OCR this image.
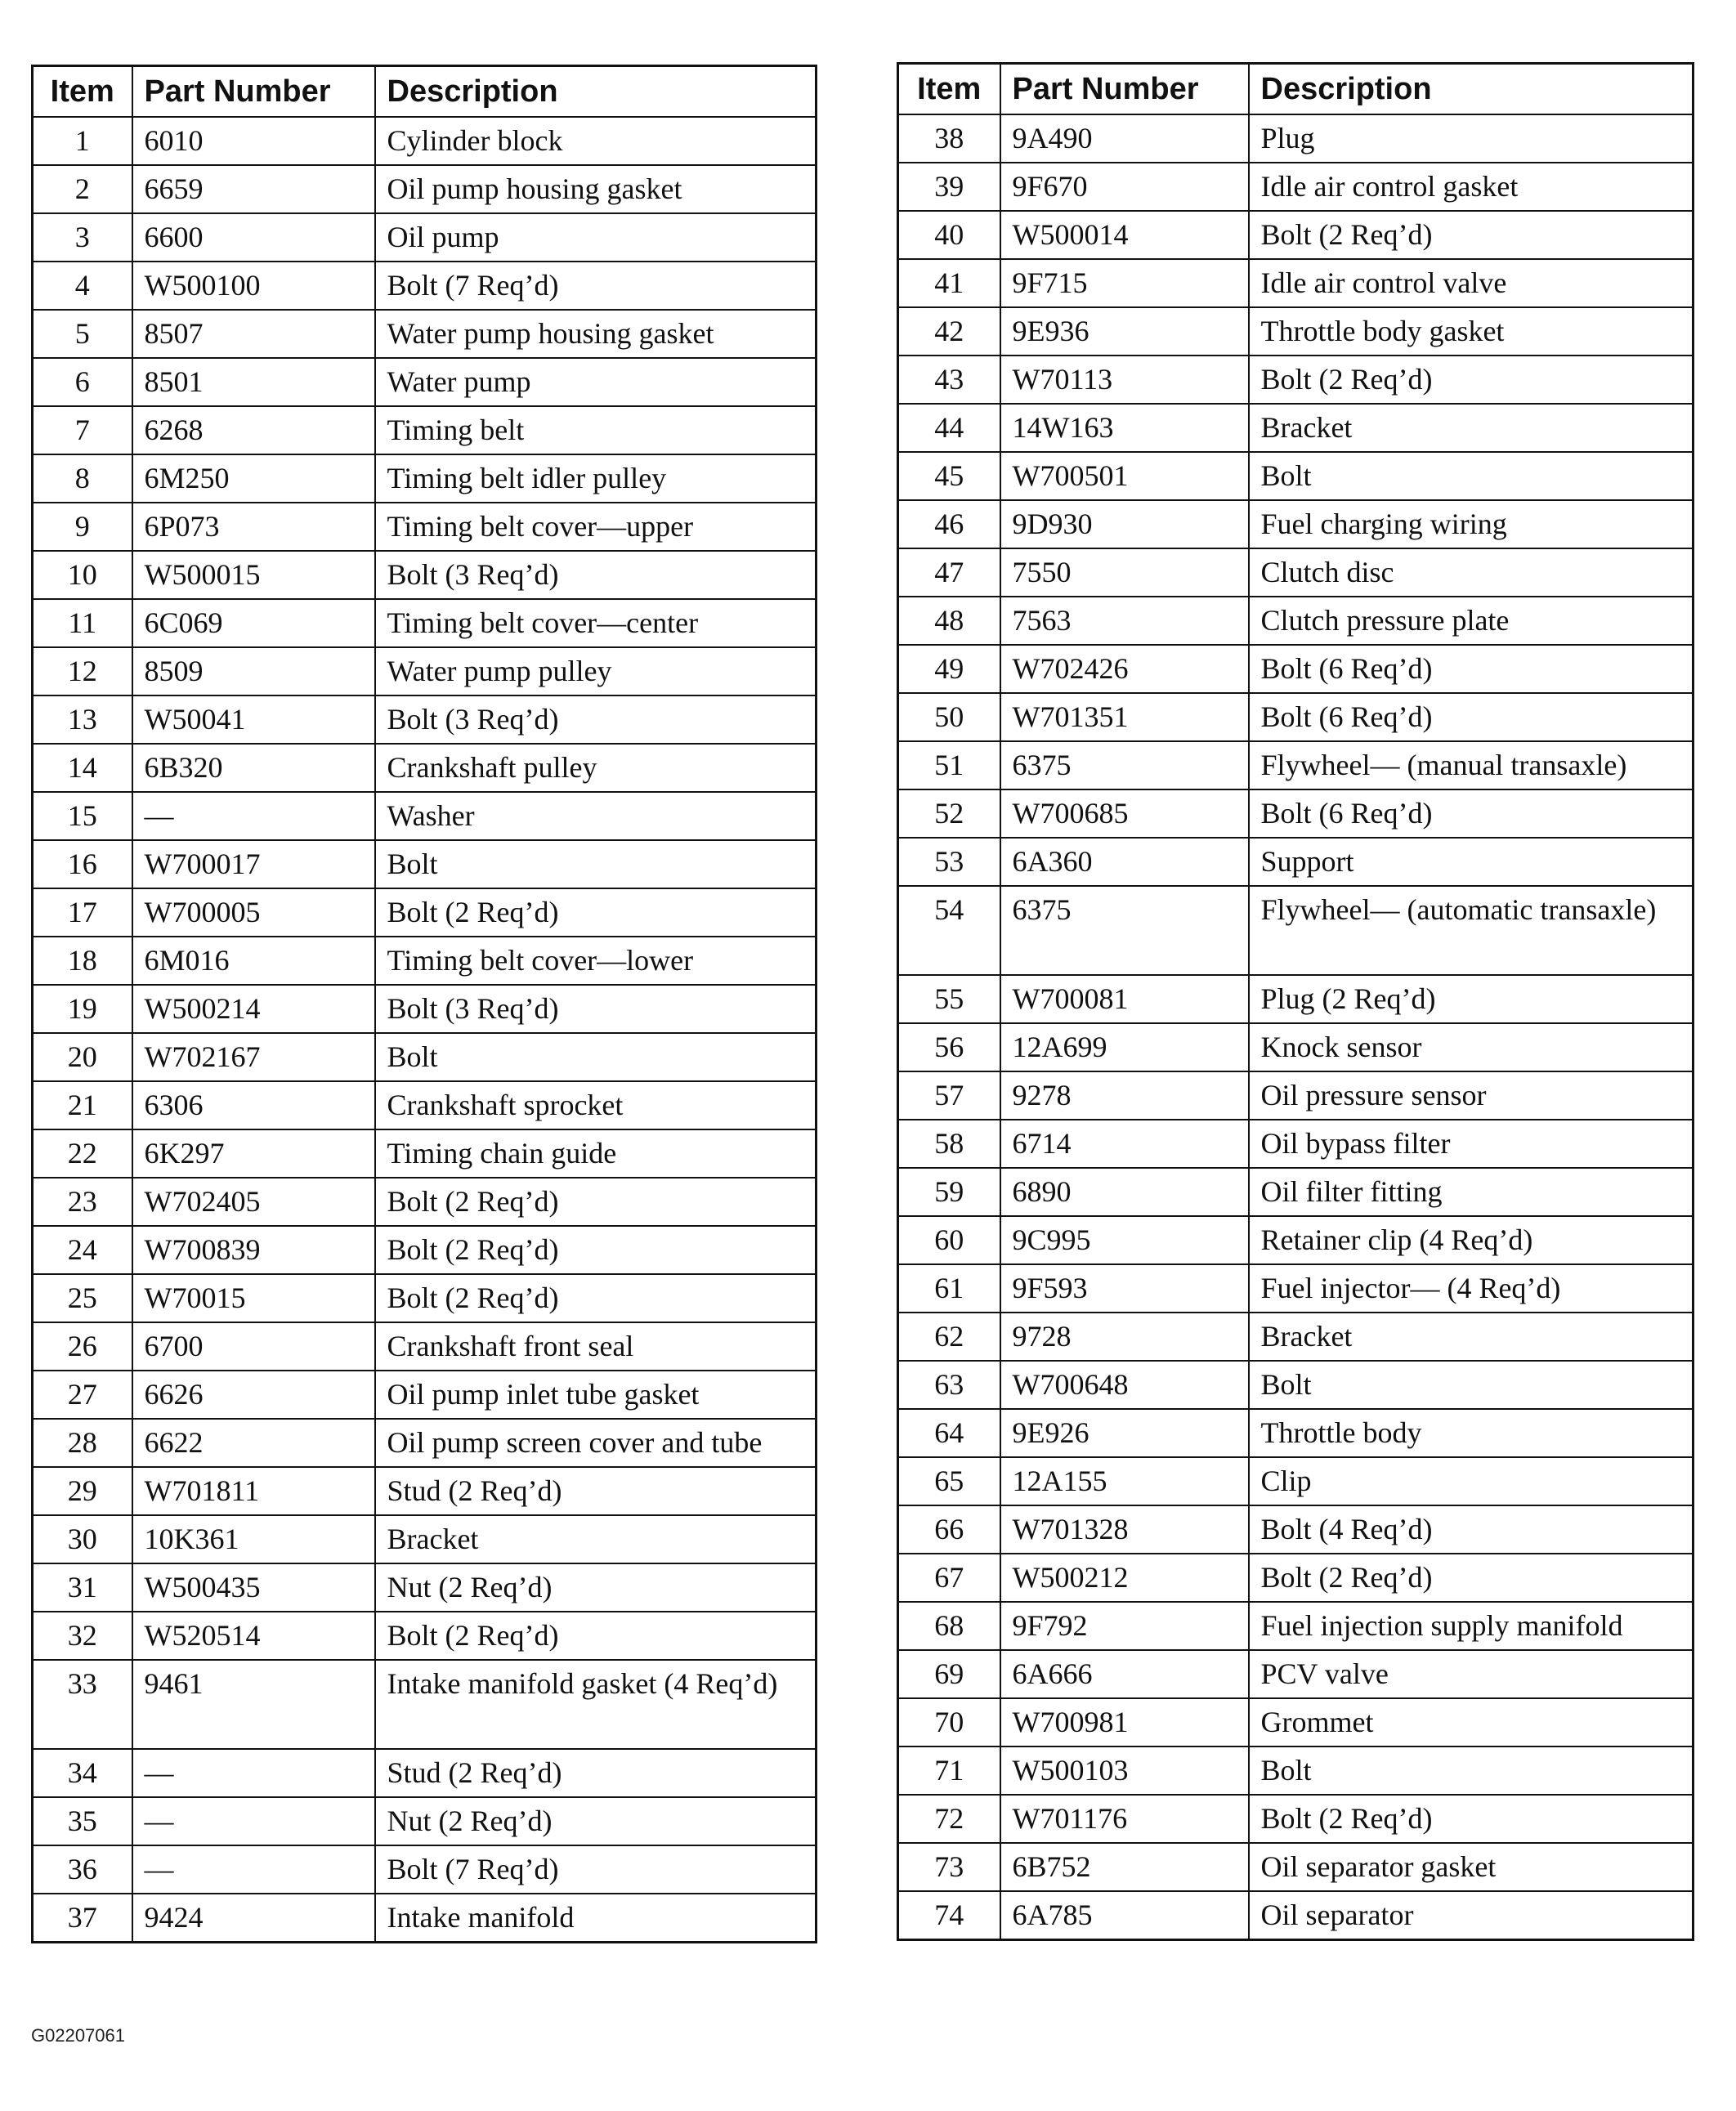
Item	Part Number	Description
1	6010	Cylinder block
2	6659	Oil pump housing gasket
3	6600	Oil pump
4	W500100	Bolt (7 Req’d)
5	8507	Water pump housing gasket
6	8501	Water pump
7	6268	Timing belt
8	6M250	Timing belt idler pulley
9	6P073	Timing belt cover—upper
10	W500015	Bolt (3 Req’d)
11	6C069	Timing belt cover—center
12	8509	Water pump pulley
13	W50041	Bolt (3 Req’d)
14	6B320	Crankshaft pulley
15	—	Washer
16	W700017	Bolt
17	W700005	Bolt (2 Req’d)
18	6M016	Timing belt cover—lower
19	W500214	Bolt (3 Req’d)
20	W702167	Bolt
21	6306	Crankshaft sprocket
22	6K297	Timing chain guide
23	W702405	Bolt (2 Req’d)
24	W700839	Bolt (2 Req’d)
25	W70015	Bolt (2 Req’d)
26	6700	Crankshaft front seal
27	6626	Oil pump inlet tube gasket
28	6622	Oil pump screen cover and tube
29	W701811	Stud (2 Req’d)
30	10K361	Bracket
31	W500435	Nut (2 Req’d)
32	W520514	Bolt (2 Req’d)
33	9461	Intake manifold gasket (4 Req’d)
34	—	Stud (2 Req’d)
35	—	Nut (2 Req’d)
36	—	Bolt (7 Req’d)
37	9424	Intake manifold
Item	Part Number	Description
38	9A490	Plug
39	9F670	Idle air control gasket
40	W500014	Bolt (2 Req’d)
41	9F715	Idle air control valve
42	9E936	Throttle body gasket
43	W70113	Bolt (2 Req’d)
44	14W163	Bracket
45	W700501	Bolt
46	9D930	Fuel charging wiring
47	7550	Clutch disc
48	7563	Clutch pressure plate
49	W702426	Bolt (6 Req’d)
50	W701351	Bolt (6 Req’d)
51	6375	Flywheel— (manual transaxle)
52	W700685	Bolt (6 Req’d)
53	6A360	Support
54	6375	Flywheel— (automatic transaxle)
55	W700081	Plug (2 Req’d)
56	12A699	Knock sensor
57	9278	Oil pressure sensor
58	6714	Oil bypass filter
59	6890	Oil filter fitting
60	9C995	Retainer clip (4 Req’d)
61	9F593	Fuel injector— (4 Req’d)
62	9728	Bracket
63	W700648	Bolt
64	9E926	Throttle body
65	12A155	Clip
66	W701328	Bolt (4 Req’d)
67	W500212	Bolt (2 Req’d)
68	9F792	Fuel injection supply manifold
69	6A666	PCV valve
70	W700981	Grommet
71	W500103	Bolt
72	W701176	Bolt (2 Req’d)
73	6B752	Oil separator gasket
74	6A785	Oil separator
G02207061
